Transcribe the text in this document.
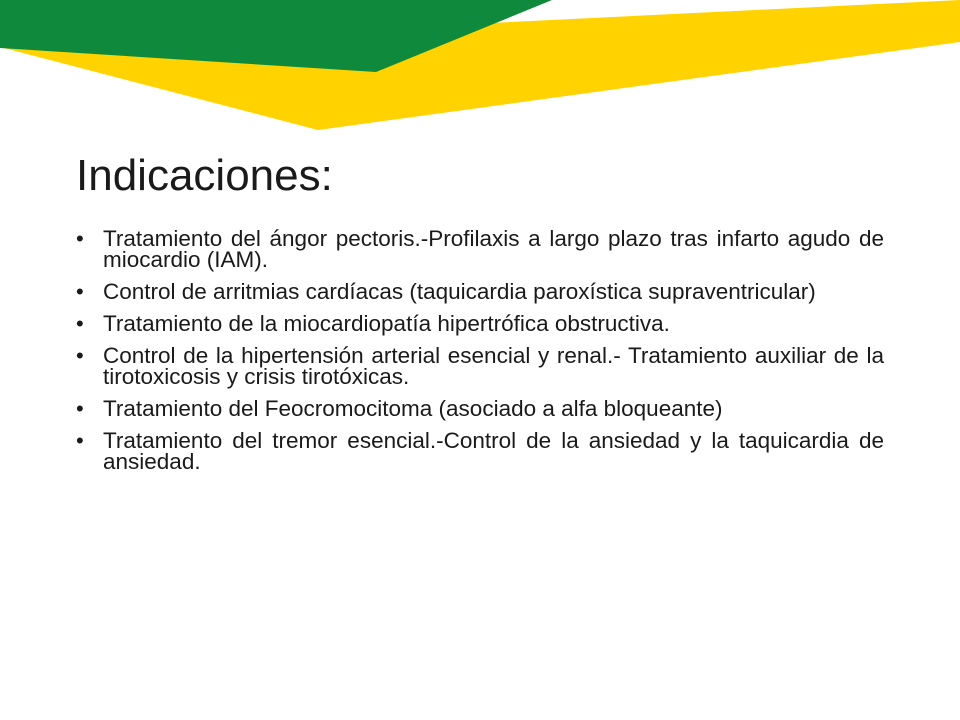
Indicaciones:
• Tratamiento del ángor pectoris.-Profilaxis a largo plazo tras infarto agudo de miocardio (IAM).
• Control de arritmias cardíacas (taquicardia paroxística supraventricular)
• Tratamiento de la miocardiopatía hipertrófica obstructiva.
• Control de la hipertensión arterial esencial y renal.- Tratamiento auxiliar de la tirotoxicosis y crisis tirotóxicas.
• Tratamiento del Feocromocitoma (asociado a alfa bloqueante)
• Tratamiento del tremor esencial.-Control de la ansiedad y la taquicardia de ansiedad.
